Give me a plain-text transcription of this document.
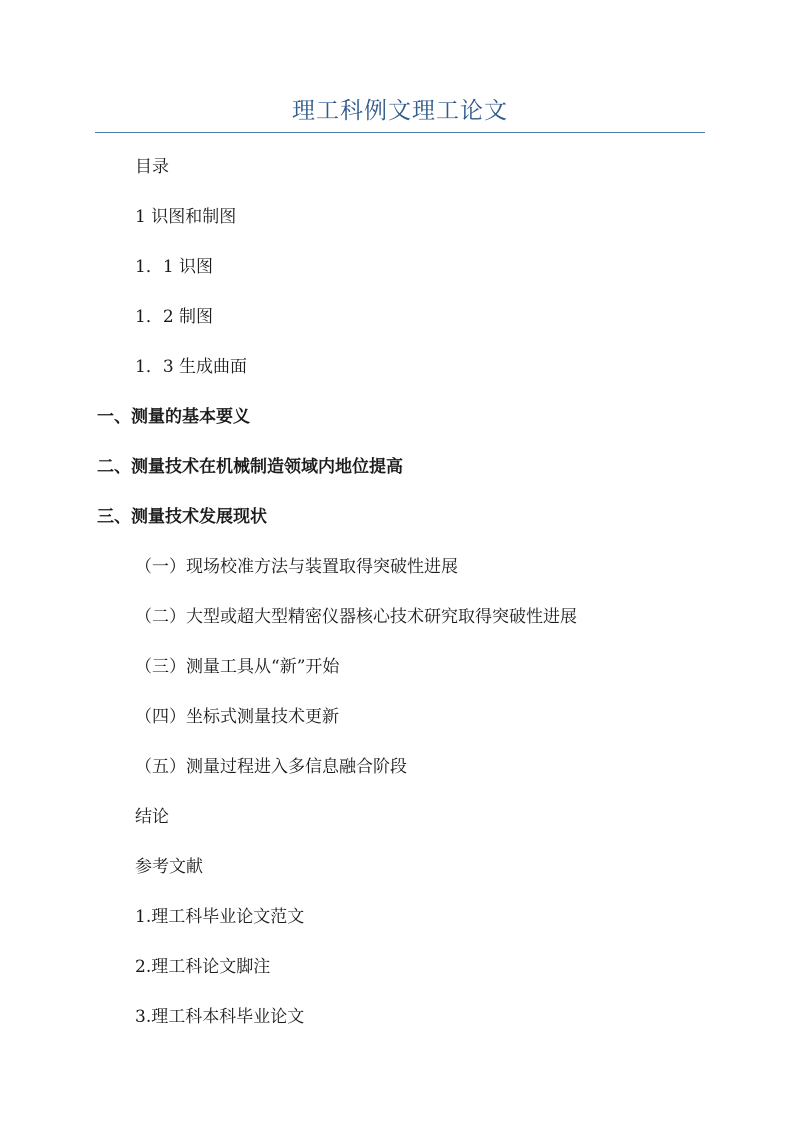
理工科例文理工论文
目录
1 识图和制图
1．1 识图
1．2 制图
1．3 生成曲面
一、测量的基本要义
二、测量技术在机械制造领域内地位提高
三、测量技术发展现状
（一）现场校准方法与装置取得突破性进展
（二）大型或超大型精密仪器核心技术研究取得突破性进展
（三）测量工具从“新”开始
（四）坐标式测量技术更新
（五）测量过程进入多信息融合阶段
结论
参考文献
1.理工科毕业论文范文
2.理工科论文脚注
3.理工科本科毕业论文
